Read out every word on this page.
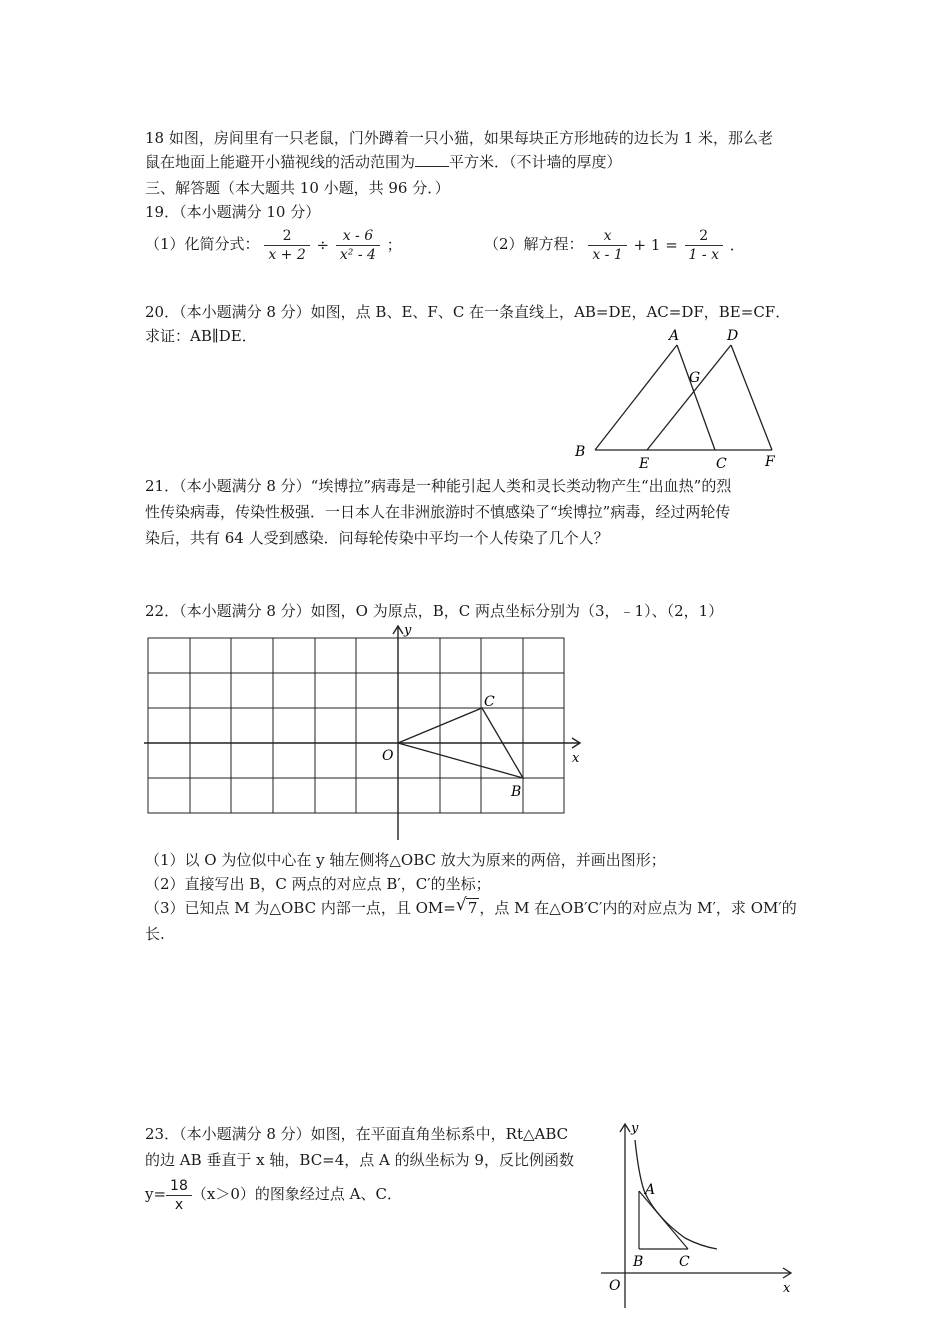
18 如图，房间里有一只老鼠，门外蹲着一只小猫，如果每块正方形地砖的边长为 1 米，那么老
鼠在地面上能避开小猫视线的活动范围为 平方米．（不计墙的厚度）
三、解答题（本大题共 10 小题，共 96 分．）
19．（本小题满分 10 分）
（1）化简分式： $\frac{2}{x + 2} \div \frac{x - 6}{\text{x² - 4}}$ ；	（2）解方程： $\frac{x}{x - 1} + 1 = \frac{2}{1 - x}$ ．
20．（本小题满分 8 分）如图，点 B、E、F、C 在一条直线上，AB=DE，AC=DF，BE=CF．
求证：AB∥DE．	A	D
G
B
E	C	F
21．（本小题满分 8 分）“埃博拉”病毒是一种能引起人类和灵长类动物产生“出血热”的烈
性传染病毒，传染性极强．一日本人在非洲旅游时不慎感染了“埃博拉”病毒，经过两轮传
染后，共有 64 人受到感染．问每轮传染中平均一个人传染了几个人？
22．（本小题满分 8 分）如图，O 为原点，B，C 两点坐标分别为（3，﹣1）、（2，1）
y
x
O
C
B
（1）以 O 为位似中心在 y 轴左侧将△OBC 放大为原来的两倍，并画出图形；
（2）直接写出 B，C 两点的对应点 B′，C′的坐标；
（3）已知点 M 为△OBC 内部一点，且 OM= √ 7 ，点 M 在△OB′C′内的对应点为 M′，求 OM′的
长.
23．（本小题满分 8 分）如图，在平面直角坐标系中，Rt△ABC
的边 AB 垂直于 x 轴，BC=4，点 A 的纵坐标为 9，反比例函数
$y= \frac{18}{x} (x>0)$的图象经过点 A、C．
y
x
O
A
B	C
